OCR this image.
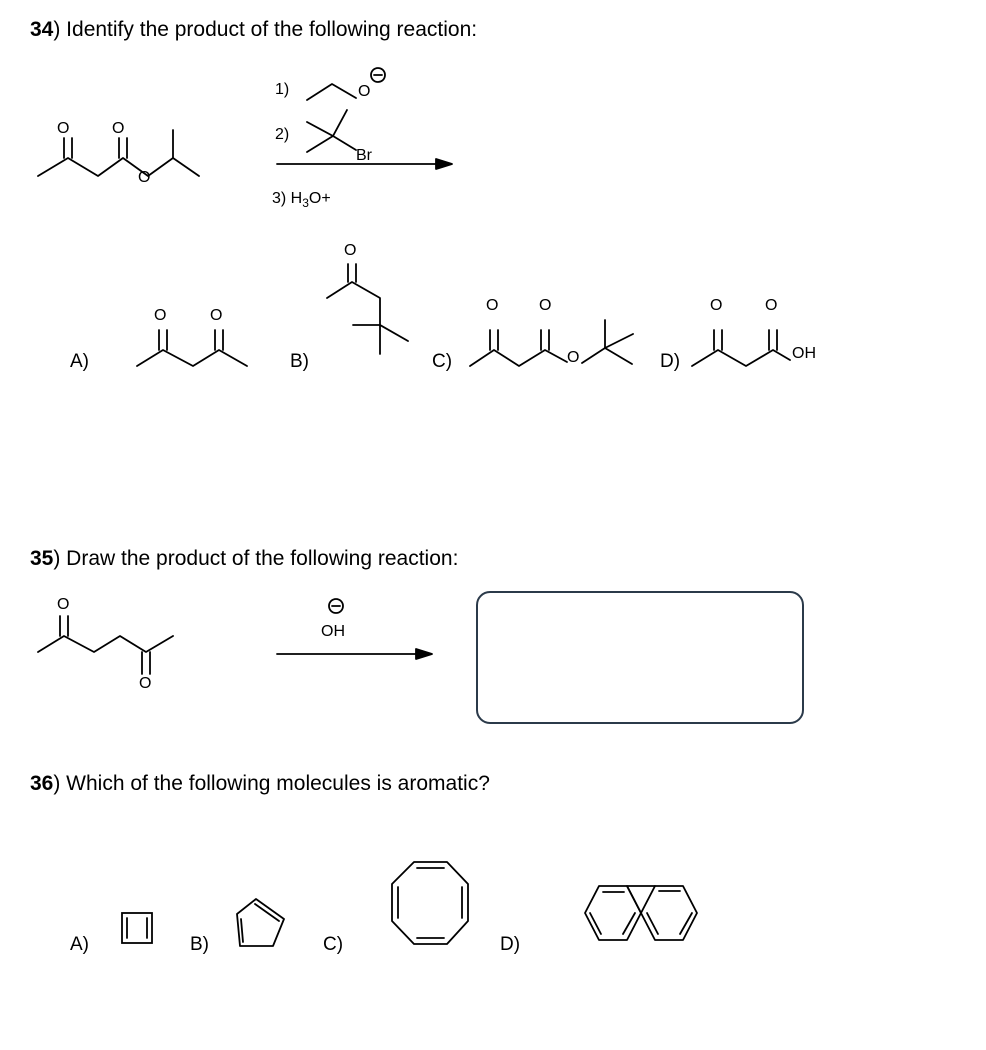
34) Identify the product of the following reaction:
O	O
O
1)	O
2)
Br
3) $H_3O+$
A)	B)	C)	D)
O	O
O
O	O
O
O	O
OH
35) Draw the product of the following reaction:
O
O
OH
36) Which of the following molecules is aromatic?
A)	B)	C)	D)
